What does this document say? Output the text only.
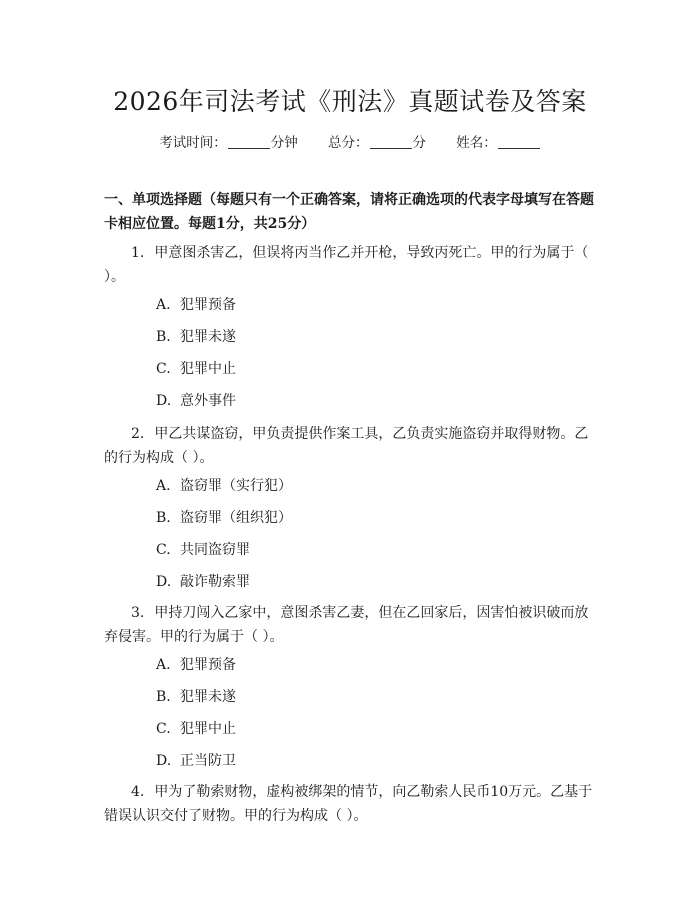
2026年司法考试《刑法》真题试卷及答案
考试时间：	分钟 总分：	分 姓名：
一、单项选择题（每题只有一个正确答案，请将正确选项的代表字母填写在答题卡相应位置。每题1分，共25分）
1. 甲意图杀害乙，但误将丙当作乙并开枪，导致丙死亡。甲的行为属于（ ）。
A. 犯罪预备
B. 犯罪未遂
C. 犯罪中止
D. 意外事件
2. 甲乙共谋盗窃，甲负责提供作案工具，乙负责实施盗窃并取得财物。乙的行为构成（ ）。
A. 盗窃罪（实行犯）
B. 盗窃罪（组织犯）
C. 共同盗窃罪
D. 敲诈勒索罪
3. 甲持刀闯入乙家中，意图杀害乙妻，但在乙回家后，因害怕被识破而放弃侵害。甲的行为属于（ ）。
A. 犯罪预备
B. 犯罪未遂
C. 犯罪中止
D. 正当防卫
4. 甲为了勒索财物，虚构被绑架的情节，向乙勒索人民币10万元。乙基于错误认识交付了财物。甲的行为构成（ ）。
